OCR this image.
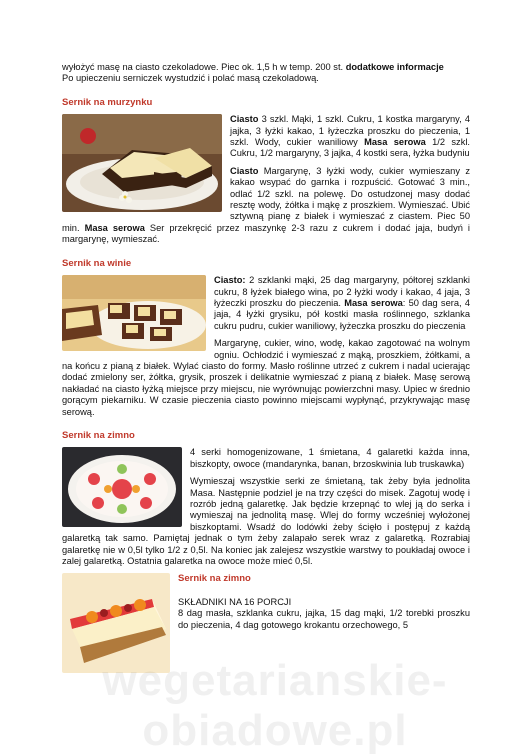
wyłożyć masę na ciasto czekoladowe. Piec ok. 1,5 h w temp. 200 st. dodatkowe informacje
Po upieczeniu serniczek wystudzić i polać masą czekoladową.

Sernik na murzynku

Ciasto 3 szkl. Mąki, 1 szkl. Cukru, 1 kostka margaryny, 4 jajka, 3 łyżki kakao, 1 łyżeczka proszku do pieczenia, 1 szkl. Wody, cukier waniliowy Masa serowa 1/2 szkl. Cukru, 1/2 margaryny, 3 jajka, 4 kostki sera, łyżka budyniu

Ciasto Margarynę, 3 łyżki wody, cukier wymieszany z kakao wsypać do garnka i rozpuścić. Gotować 3 min., odlać 1/2 szkl. na polewę. Do ostudzonej masy dodać resztę wody, żółtka i mąkę z proszkiem. Wymieszać. Ubić sztywną pianę z białek i wymieszać z ciastem. Piec 50 min. Masa serowa Ser przekręcić przez maszynkę 2-3 razu z cukrem i dodać jaja, budyń i margarynę, wymieszać.

Sernik na winie

Ciasto: 2 szklanki mąki, 25 dag margaryny, półtorej szklanki cukru, 8 łyżek białego wina, po 2 łyżki wody i kakao, 4 jaja, 3 łyżeczki proszku do pieczenia. Masa serowa: 50 dag sera, 4 jaja, 4 łyżki grysiku, pół kostki masła roślinnego, szklanka cukru pudru, cukier waniliowy, łyżeczka proszku do pieczenia

Margarynę, cukier, wino, wodę, kakao zagotować na wolnym ogniu. Ochłodzić i wymieszać z mąką, proszkiem, żółtkami, a na końcu z pianą z białek. Wylać ciasto do formy. Masło roślinne utrzeć z cukrem i nadal ucierając dodać zmielony ser, żółtka, grysik, proszek i delikatnie wymieszać z pianą z białek. Masę serową nakładać na ciasto łyżką miejsce przy miejscu, nie wyrównując powierzchni masy. Upiec w średnio gorącym piekarniku. W czasie pieczenia ciasto powinno miejscami wypłynąć, przykrywając masę serową.

Sernik na zimno

4 serki homogenizowane, 1 śmietana, 4 galaretki każda inna, biszkopty, owoce (mandarynka, banan, brzoskwinia lub truskawka)

Wymieszaj wszystkie serki ze śmietaną, tak żeby była jednolita Masa. Następnie podziel je na trzy części do misek. Zagotuj wodę i rozrób jedną galaretkę. Jak będzie krzepnąć to wlej ją do serka i wymieszaj na jednolitą masę. Wlej do formy wcześniej wyłożonej biszkoptami. Wsadź do lodówki żeby ścięło i postępuj z każdą galaretką tak samo. Pamiętaj jednak o tym żeby zalapało serek wraz z galaretką. Rozrabiaj galaretkę nie w 0,5l tylko 1/2 z 0,5l. Na koniec jak zalejesz wszystkie warstwy to poukładaj owoce i zalej galaretką. Ostatnia galaretka na owoce może mieć 0,5l.

Sernik na zimno

SKŁADNIKI NA 16 PORCJI

8 dag masła, szklanka cukru, jajka, 15 dag mąki, 1/2 torebki proszku do pieczenia, 4 dag gotowego krokantu orzechowego, 5

wegetarianskie-obiadowe.pl
